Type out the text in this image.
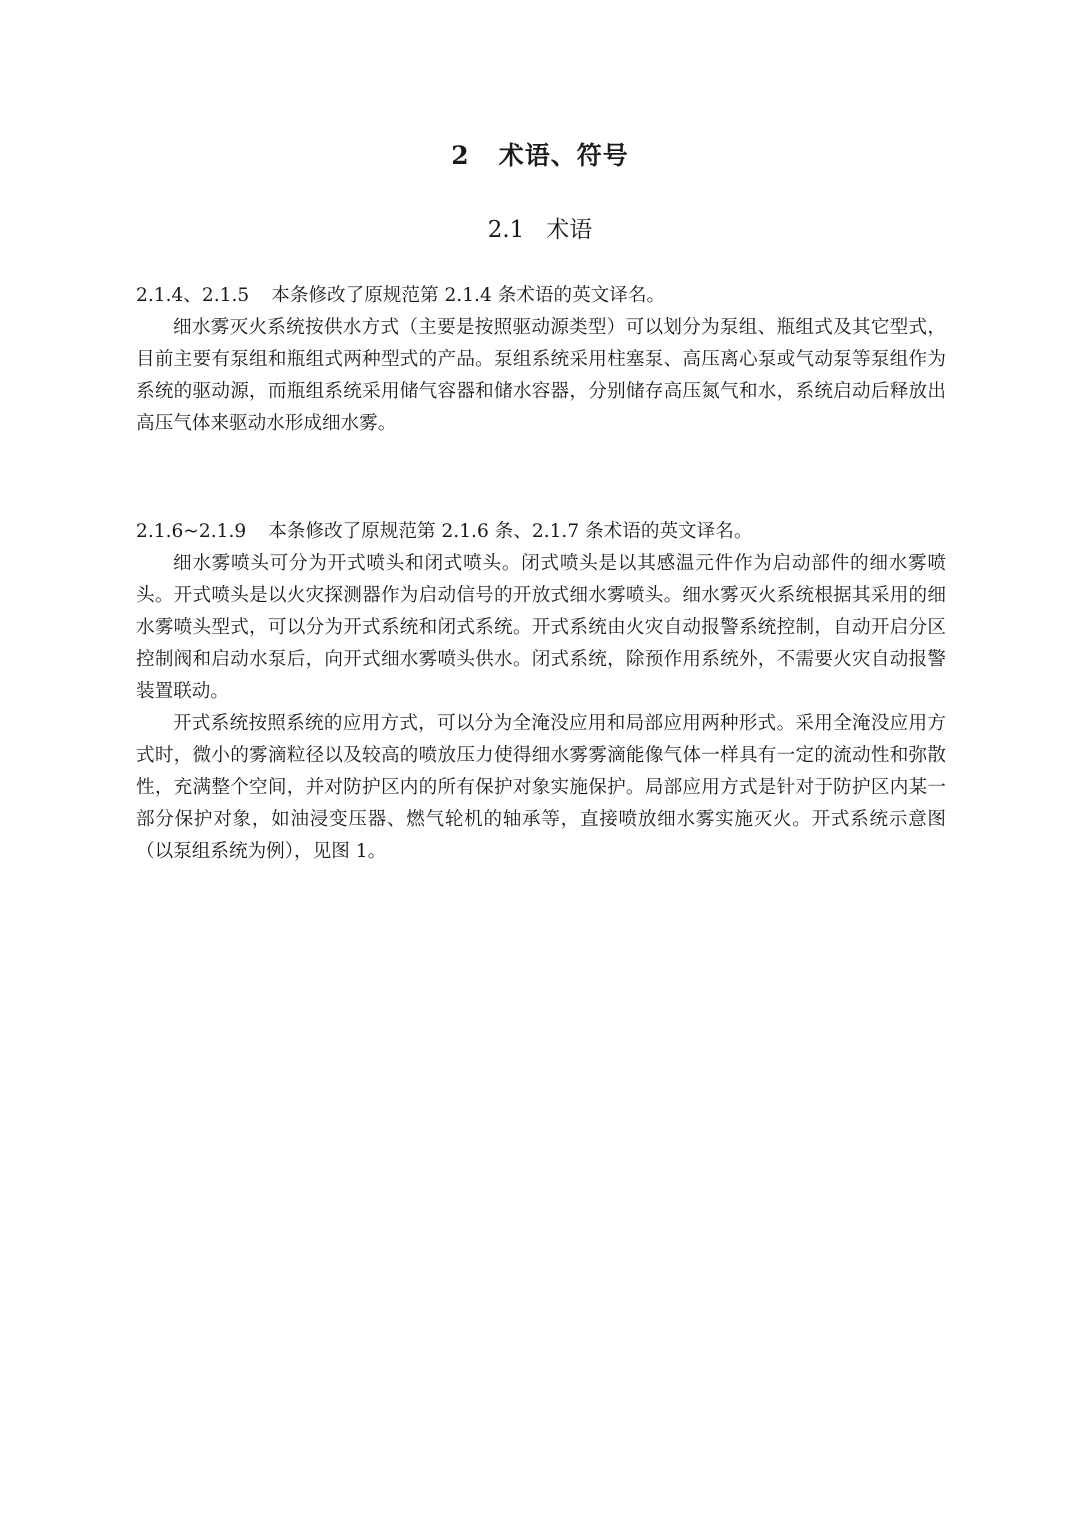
2 术语、符号
2.1 术语

2.1.4、2.1.5 本条修改了原规范第 2.1.4 条术语的英文译名。

细水雾灭火系统按供水方式（主要是按照驱动源类型）可以划分为泵组、瓶组式及其它型式，目前主要有泵组和瓶组式两种型式的产品。泵组系统采用柱塞泵、高压离心泵或气动泵等泵组作为系统的驱动源，而瓶组系统采用储气容器和储水容器，分别储存高压氮气和水，系统启动后释放出高压气体来驱动水形成细水雾。

2.1.6~2.1.9 本条修改了原规范第 2.1.6 条、2.1.7 条术语的英文译名。

细水雾喷头可分为开式喷头和闭式喷头。闭式喷头是以其感温元件作为启动部件的细水雾喷头。开式喷头是以火灾探测器作为启动信号的开放式细水雾喷头。细水雾灭火系统根据其采用的细水雾喷头型式，可以分为开式系统和闭式系统。开式系统由火灾自动报警系统控制，自动开启分区控制阀和启动水泵后，向开式细水雾喷头供水。闭式系统，除预作用系统外，不需要火灾自动报警装置联动。

开式系统按照系统的应用方式，可以分为全淹没应用和局部应用两种形式。采用全淹没应用方式时，微小的雾滴粒径以及较高的喷放压力使得细水雾雾滴能像气体一样具有一定的流动性和弥散性，充满整个空间，并对防护区内的所有保护对象实施保护。局部应用方式是针对于防护区内某一部分保护对象，如油浸变压器、燃气轮机的轴承等，直接喷放细水雾实施灭火。开式系统示意图（以泵组系统为例），见图 1。
